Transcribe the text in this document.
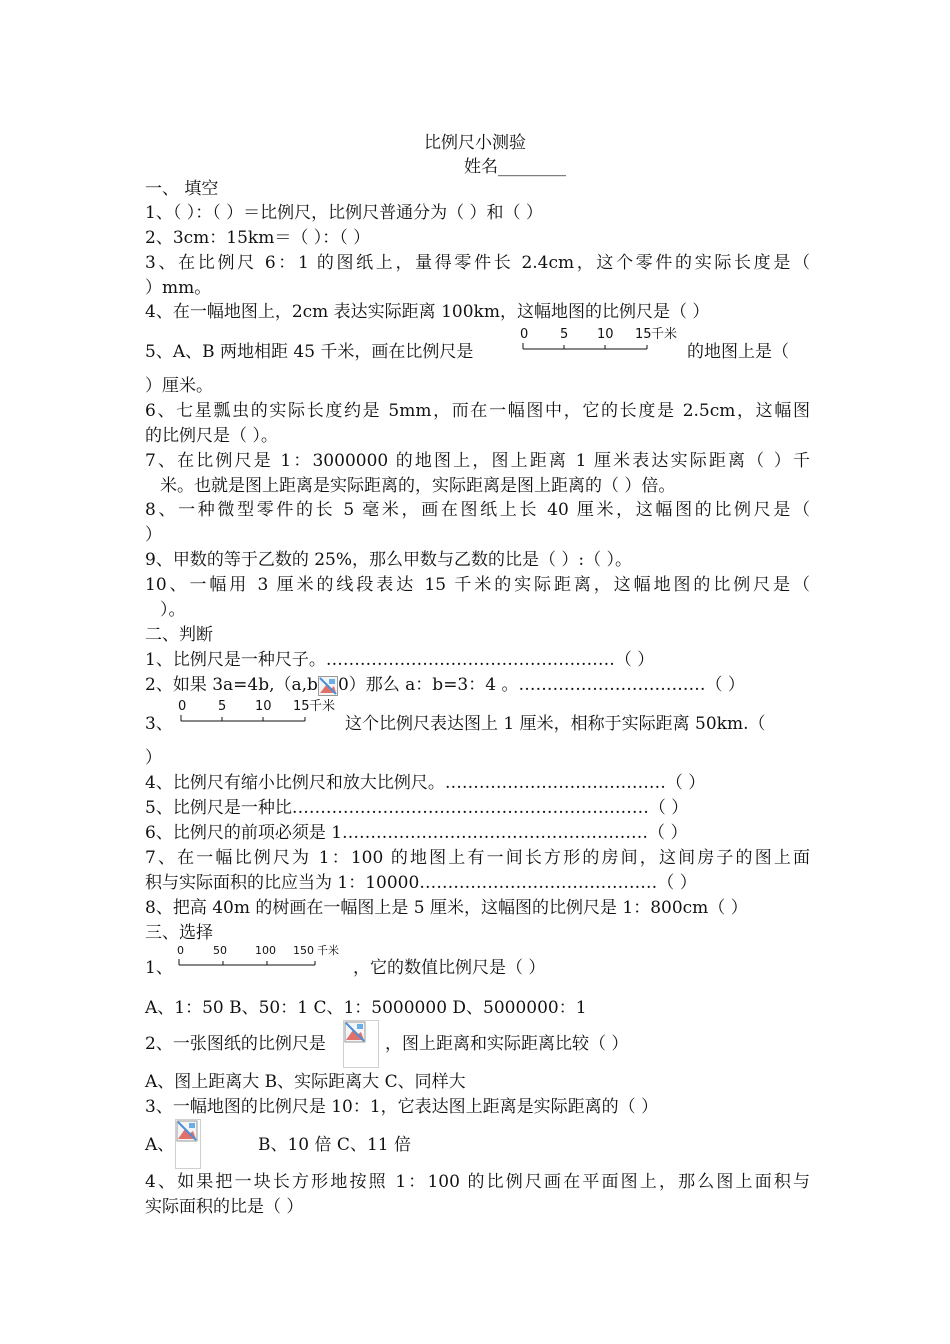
比例尺小测验
姓名________
一、 填空
1、（ ）：（ ）＝比例尺，比例尺普通分为（ ）和（ ）
2、3cm：15km＝（ ）：（ ）
3、在比例尺 6：1 的图纸上，量得零件长 2.4cm，这个零件的实际长度是（
）mm。
4、在一幅地图上，2cm 表达实际距离 100km，这幅地图的比例尺是（ ）
5、A、B 两地相距 45 千米，画在比例尺是
0 5 10 15 千米
的地图上是（
）厘米。
6、七星瓢虫的实际长度约是 5mm，而在一幅图中，它的长度是 2.5cm，这幅图
的比例尺是（ ）。
7、在比例尺是 1：3000000 的地图上，图上距离 1 厘米表达实际距离（ ）千
米。也就是图上距离是实际距离的，实际距离是图上距离的（ ）倍。
8、一种微型零件的长 5 毫米，画在图纸上长 40 厘米，这幅图的比例尺是（
）
9、甲数的等于乙数的 25%，那么甲数与乙数的比是（ ）:（ ）。
10、一幅用 3 厘米的线段表达 15 千米的实际距离，这幅地图的比例尺是（
）。
二、判断
1、比例尺是一种尺子。……………………………………………（ ）
2、如果 3a=4b,（a,b 0）那么 a：b=3：4 。……………………………（ ）
3、
0 5 10 15 千米
这个比例尺表达图上 1 厘米，相称于实际距离 50km.（
）
4、比例尺有缩小比例尺和放大比例尺。…………………………………（ ）
5、比例尺是一种比………………………………………………………（ ）
6、比例尺的前项必须是 1………………………………………………（ ）
7、在一幅比例尺为 1：100 的地图上有一间长方形的房间，这间房子的图上面
积与实际面积的比应当为 1：10000……………………………………（ ）
8、把高 40m 的树画在一幅图上是 5 厘米，这幅图的比例尺是 1：800cm（ ）
三、选择
1、
0	50	100 150 千米
，它的数值比例尺是（ ）
A、1：50 B、50：1 C、1：5000000 D、5000000：1
2、一张图纸的比例尺是	，图上距离和实际距离比较（ ）
A、图上距离大 B、实际距离大 C、同样大
3、一幅地图的比例尺是 10：1，它表达图上距离是实际距离的（ ）
A、	B、10 倍 C、11 倍
4、如果把一块长方形地按照 1：100 的比例尺画在平面图上，那么图上面积与
实际面积的比是（ ）
